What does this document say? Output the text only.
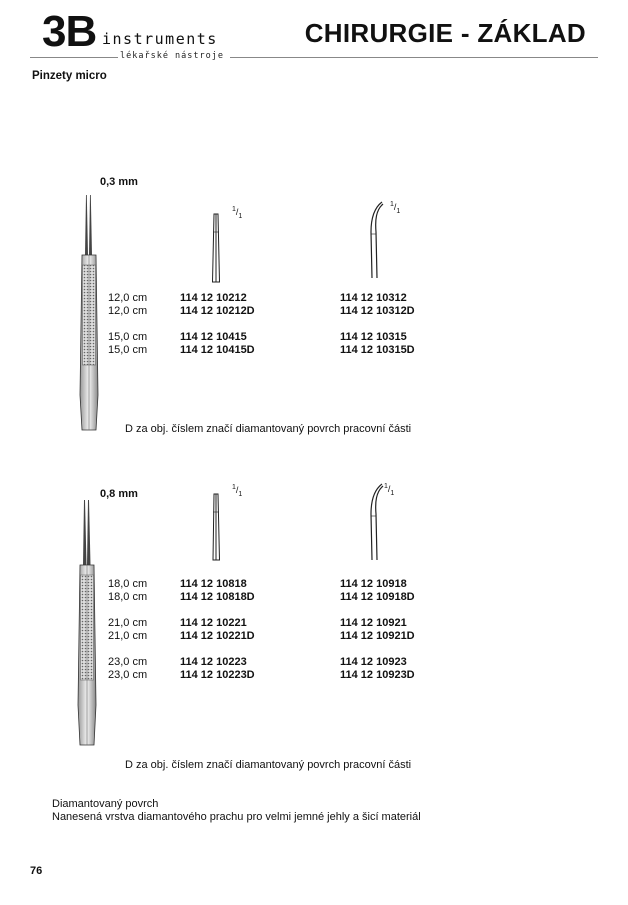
3B instruments
lékařské nástroje
CHIRURGIE - ZÁKLAD
Pinzety micro
0,3 mm
$^1/_1$
$^1/_1$
12,0 cm	114 12 10212	114 12 10312
12,0 cm	114 12 10212D	114 12 10312D
15,0 cm	114 12 10415	114 12 10315
15,0 cm	114 12 10415D	114 12 10315D
D za obj. číslem značí diamantovaný povrch pracovní části
0,8 mm
$^1/_1$
$^1/_1$
18,0 cm	114 12 10818	114 12 10918
18,0 cm	114 12 10818D	114 12 10918D
21,0 cm	114 12 10221	114 12 10921
21,0 cm	114 12 10221D	114 12 10921D
23,0 cm	114 12 10223	114 12 10923
23,0 cm	114 12 10223D	114 12 10923D
D za obj. číslem značí diamantovaný povrch pracovní části
Diamantovaný povrch
Nanesená vrstva diamantového prachu pro velmi jemné jehly a šicí materiál
76
